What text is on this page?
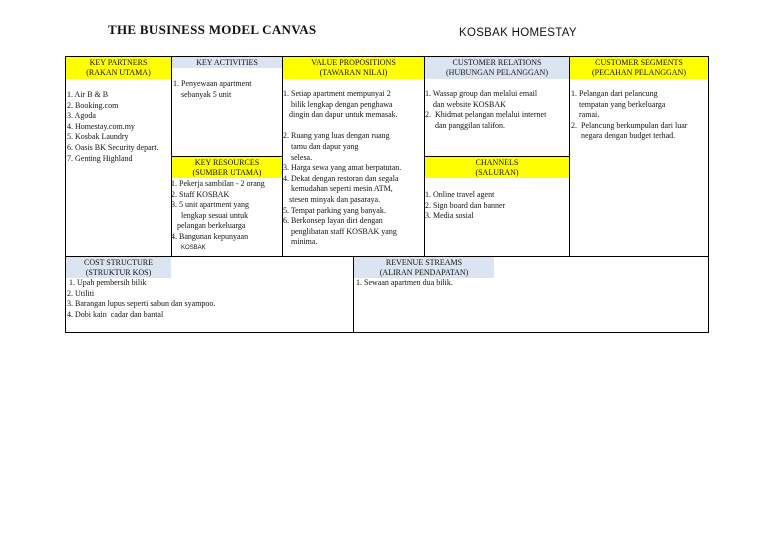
THE BUSINESS MODEL CANVAS	KOSBAK HOMESTAY
KEY PARTNERS
(RAKAN UTAMA)
1. Air B & B
2. Booking.com
3. Agoda
4. Homestay.com.my
5. Kosbak Laundry
6. Oasis BK Security depart.
7. Genting Highland
KEY ACTIVITIES
1. Penyewaan apartment
sebanyak 5 unit
KEY RESOURCES
(SUMBER UTAMA)
1. Pekerja sambilan - 2 orang
2. Staff KOSBAK
3. 5 unit apartment yang
lengkap sesuai untuk
pelangan berkeluarga
4. Bangunan kepunyaan
KOSBAK
VALUE PROPOSITIONS
(TAWARAN NILAI)
1. Setiap apartment mempunyai 2
bilik lengkap dengan penghawa
dingin dan dapur untuk memasak.
2. Ruang yang luas dengan ruang
tamu dan dapur yang
selesa.
3. Harga sewa yang amat berpatutan.
4. Dekat dengan restoran dan segala
kemudahan seperti mesin ATM,
stesen minyak dan pasaraya.
5. Tempat parking yang banyak.
6. Berkonsep layan diri dengan
penglibatan staff KOSBAK yang
minima.
CUSTOMER RELATIONS
(HUBUNGAN PELANGGAN)
1. Wassap group dan melalui email
dan website KOSBAK
2.  Khidmat pelangan melalui internet
dan panggilan talifon.
CHANNELS
(SALURAN)
1. Online travel agent
2. Sign board dan banner
3. Media sosial
CUSTOMER SEGMENTS
(PECAHAN PELANGGAN)
1. Pelangan dari pelancung
tempatan yang berkeluarga
ramai.
2.  Pelancung berkumpulan dari luar
negara dengan budget terhad.
COST STRUCTURE
(STRUKTUR KOS)
1. Upah pembersih bilik
2. Utiliti
3. Barangan lupus seperti sabun dan syampoo.
4. Dobi kain  cadar dan bantal
REVENUE STREAMS
(ALIRAN PENDAPATAN)
1. Sewaan apartmen dua bilik.
